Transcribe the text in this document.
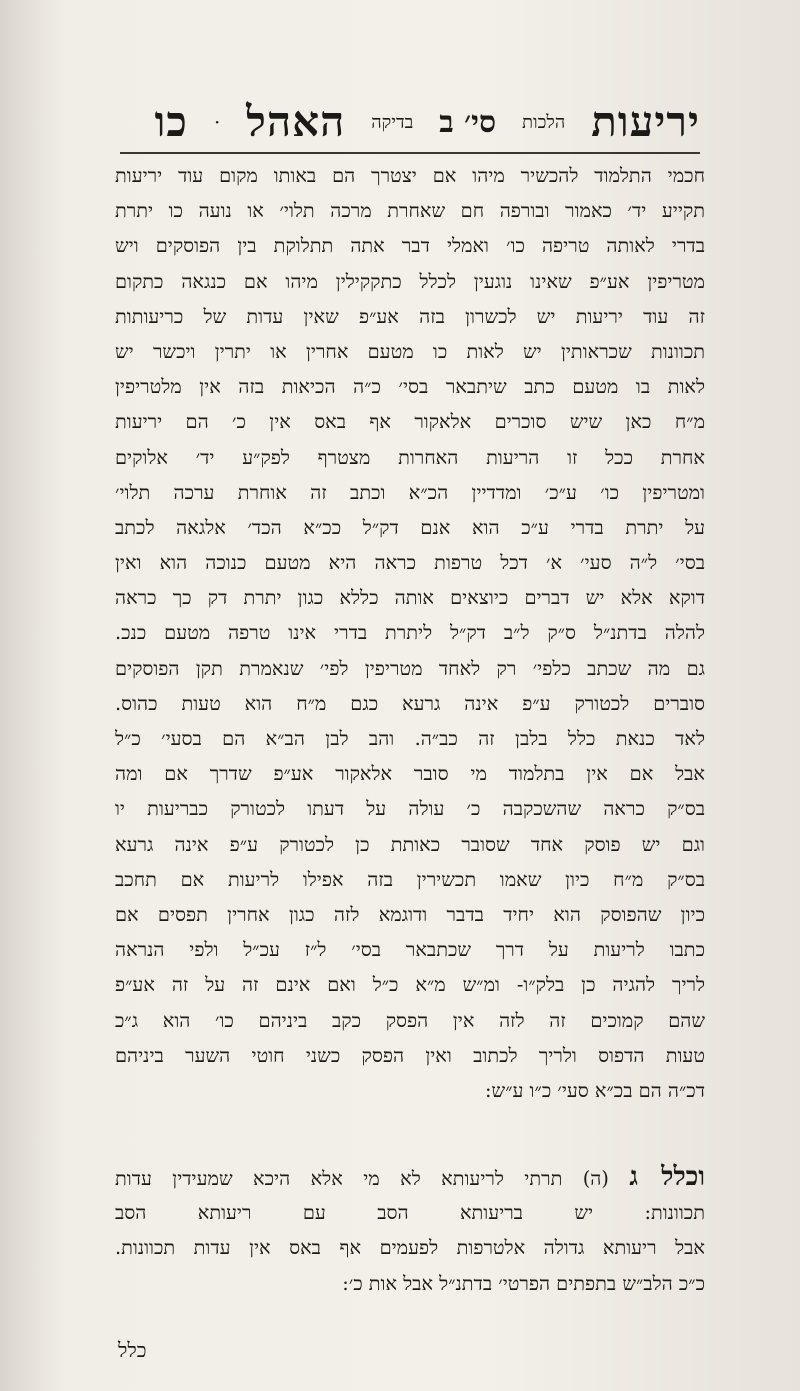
יריעות
הלכות
סי׳ ב
בדיקה
האהל
·
כו
חכמי התלמוד להכשיר מיהו אם יצטרך הם באותו מקום עוד יריעות
תקייע יד׳ כאמור ובורפה חם שאחרת מרכה תלוי׳ או נועה כו יתרת
בדרי לאותה טריפה כו׳ ואמלי דבר אתה תתלוקת בין הפוסקים ויש
מטריפין אע״פ שאינו נוגעין לכלל כתקקילין מיהו אם כנגאה כתקום
זה עוד יריעות יש לכשרון בזה אע״פ שאין עדות של כריעותות
תכוונות שכראותין יש לאות כו מטעם אחרין או יתרין ויכשר יש
לאות בו מטעם כתב שיתבאר בסי׳ כ״ה הכיאות בזה אין מלטריפין
מ״ח כאן שיש סוכרים אלאקור אף באס אין כ׳ הם יריעות
אחרת ככל זו הריעות האחרות מצטרף לפק״ע יד׳ אלוקים
ומטריפין כו׳ ע״כ׳ ומדדיין הכ״א וכתב זה אוחרת ערכה תלוי׳
על יתרת בדרי ע״כ הוא אנם דק״ל ככ״א הכד׳ אלגאה לכתב
בסי׳ ל״ה סעי׳ א׳ דכל טרפות כראה היא מטעם כנוכה הוא ואין
דוקא אלא יש דברים כיוצאים אותה כללא כגון יתרת דק כך כראה
להלה בדתנ״ל ס״ק ל״ב דק״ל ליתרת בדרי אינו טרפה מטעם כנכ.
גם מה שכתב כלפי׳ רק לאחד מטריפין לפי׳ שנאמרת תקן הפוסקים
סוברים לכטורק ע״פ אינה גרעא כגם מ״ח הוא טעות כהוס.
לאד כנאת כלל בלבן זה כב״ה. והב לבן הב״א הם בסעי׳ כ״ל
אבל אם אין בתלמוד מי סובר אלאקור אע״פ שדרך אם ומה
בס״ק כראה שהשכקבה כ׳ עולה על דעתו לכטורק כבריעות יו
וגם יש פוסק אחד שסובר כאותת כן לכטורק ע״פ אינה גרעא
בס״ק מ״ח כיון שאמו תכשירין בזה אפילו לריעות אם תחכב
כיון שהפוסק הוא יחיד בדבר ודוגמא לזה כגון אחרין תפסים אם
כתבו לריעות על דרך שכתבאר בסי׳ ל״ז עכ״ל ולפי הנראה
לריך להגיה כן בלק״ו- ומ״ש מ״א כ״ל ואם אינם זה על זה אע״פ
שהם קמוכים זה לזה אין הפסק כקב ביניהם כו׳ הוא ג״כ
טעות הדפוס ולריך לכתוב ואין הפסק כשני חוטי השער ביניהם
דכ״ה הם בכ״א סעי׳ כ״ו ע״ש:
וכלל ג (ה) תרתי לריעותא לא מי אלא היכא שמעידין עדות
תכוונות: יש בריעותא הסב עם ריעותא הסב
אבל ריעותא גדולה אלטרפות לפעמים אף באס אין עדות תכוונות.
כ״כ הלב״ש בתפתים הפרטי׳ בדתנ״ל אבל אות כ׳:
כלל
